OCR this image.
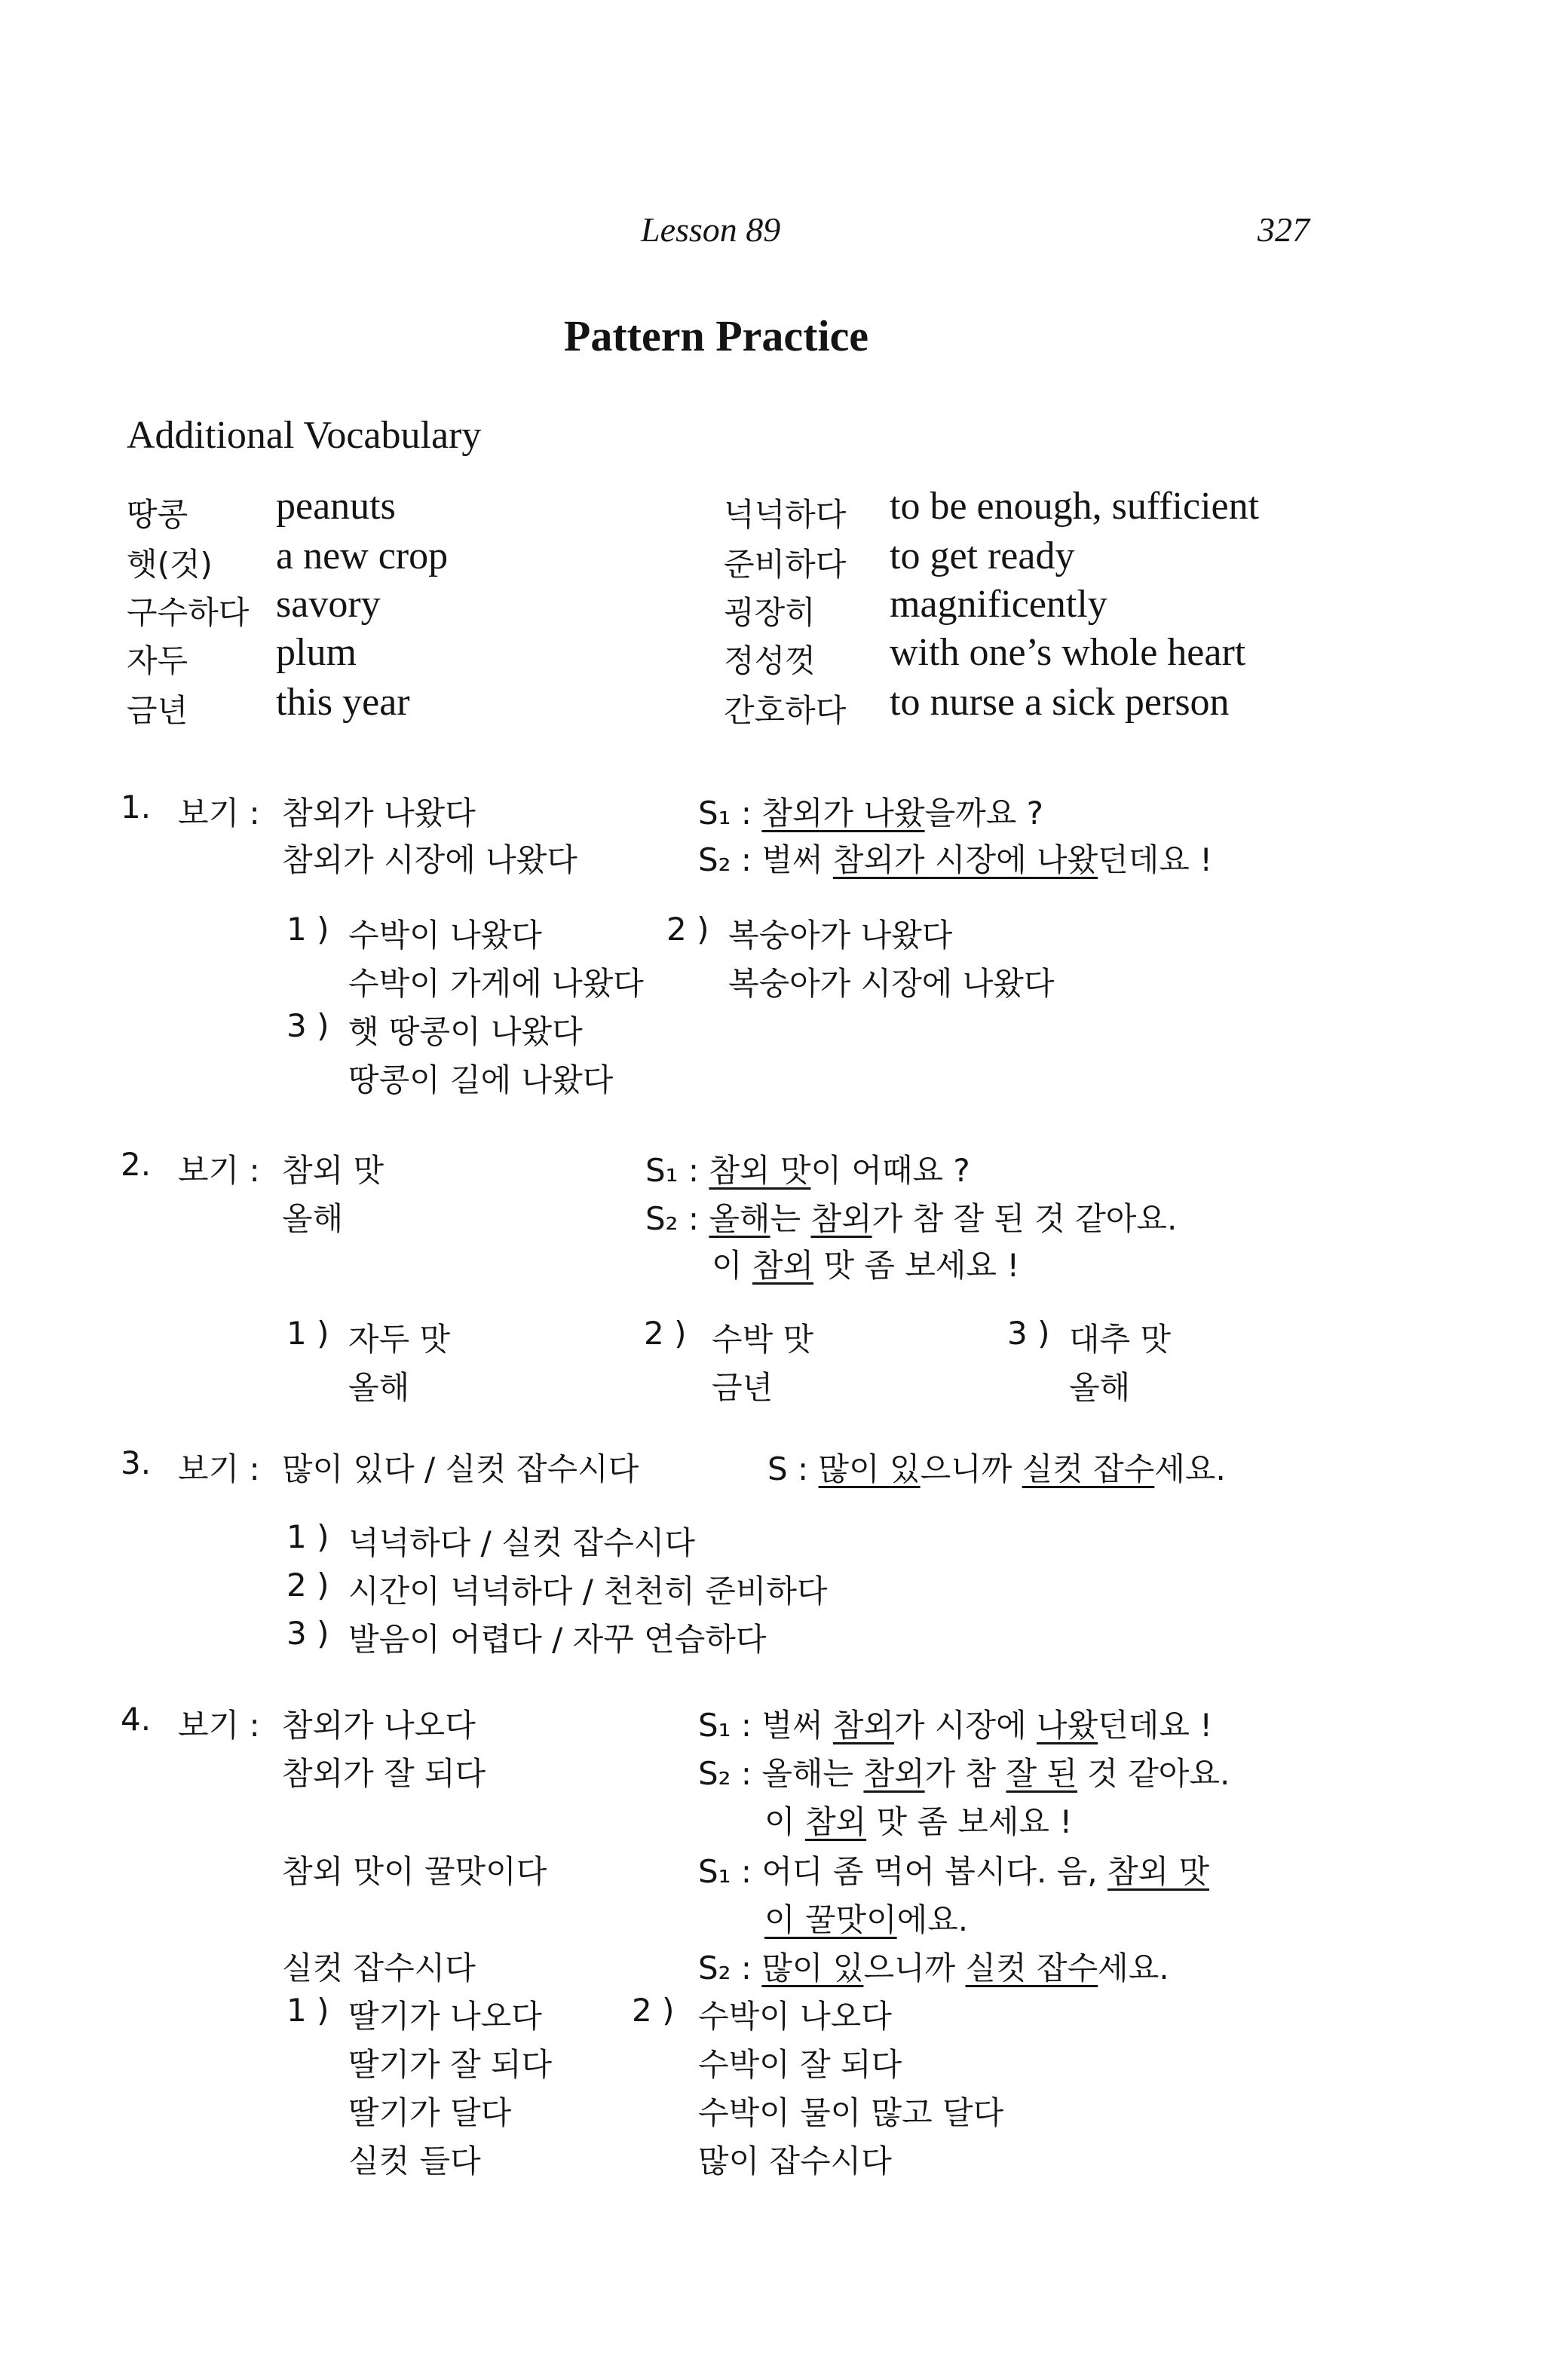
Lesson 89	327
Pattern Practice
Additional Vocabulary
땅콩 peanuts
햇(것) a new crop
구수하다 savory
자두 plum
금년 this year
넉넉하다 to be enough, sufficient
준비하다 to get ready
굉장히 magnificently
정성껏 with one’s whole heart
간호하다 to nurse a sick person
1. 보기 : 참외가 나왔다
참외가 시장에 나왔다
S₁ : 참외가 나왔을까요 ?
S₂ : 벌써 참외가 시장에 나왔던데요 !
1 ) 수박이 나왔다
수박이 가게에 나왔다
2 ) 복숭아가 나왔다
복숭아가 시장에 나왔다
3 ) 햇 땅콩이 나왔다
땅콩이 길에 나왔다
2. 보기 : 참외 맛
올해
S₁ : 참외 맛이 어때요 ?
S₂ : 올해는 참외가 참 잘 된 것 같아요.
이 참외 맛 좀 보세요 !
1 ) 자두 맛
올해
2 ) 수박 맛
금년
3 ) 대추 맛
올해
3. 보기 : 많이 있다 / 실컷 잡수시다	S : 많이 있으니까 실컷 잡수세요.
1 ) 넉넉하다 / 실컷 잡수시다
2 ) 시간이 넉넉하다 / 천천히 준비하다
3 ) 발음이 어렵다 / 자꾸 연습하다
4. 보기 : 참외가 나오다
참외가 잘 되다
참외 맛이 꿀맛이다
실컷 잡수시다
S₁ : 벌써 참외가 시장에 나왔던데요 !
S₂ : 올해는 참외가 참 잘 된 것 같아요.
이 참외 맛 좀 보세요 !
S₁ : 어디 좀 먹어 봅시다. 음, 참외 맛
이 꿀맛이에요.
S₂ : 많이 있으니까 실컷 잡수세요.
1 ) 딸기가 나오다
딸기가 잘 되다
딸기가 달다
실컷 들다
2 ) 수박이 나오다
수박이 잘 되다
수박이 물이 많고 달다
많이 잡수시다
